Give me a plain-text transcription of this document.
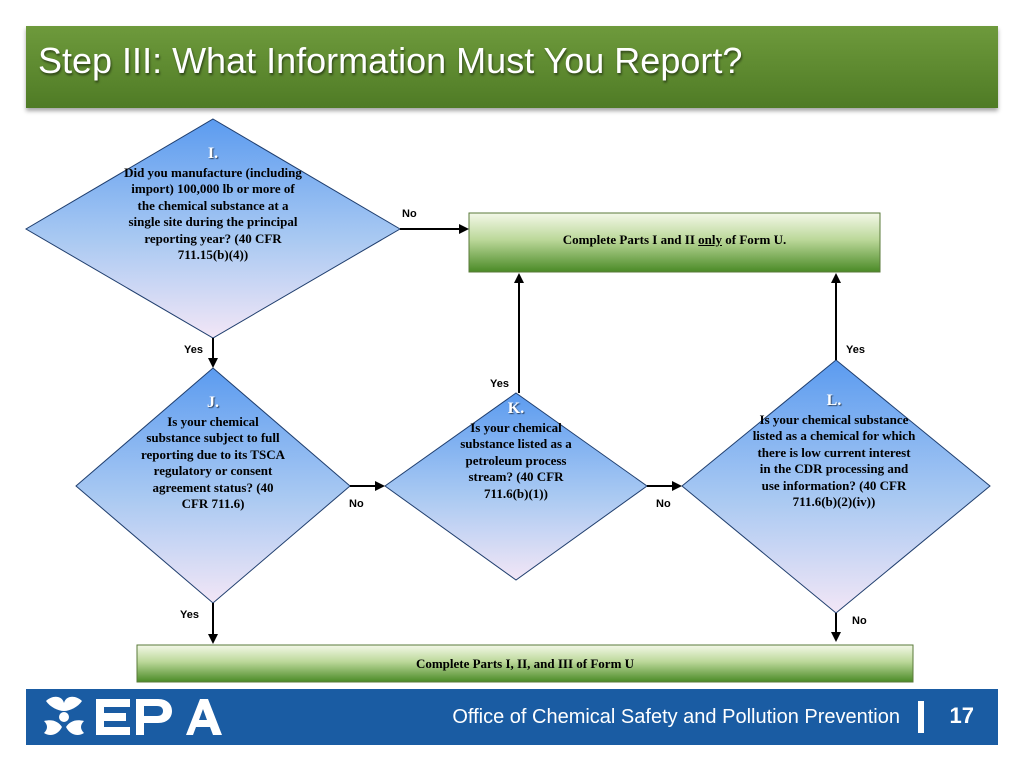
Step III: What Information Must You Report?
I.
Did you manufacture (including import) 100,000 lb or more of the chemical substance at a single site during the principal reporting year? (40 CFR 711.15(b)(4))
J.
Is your chemical substance subject to full reporting due to its TSCA regulatory or consent agreement status? (40 CFR 711.6)
K.
Is your chemical substance listed as a petroleum process stream? (40 CFR 711.6(b)(1))
L.
Is your chemical substance listed as a chemical for which there is low current interest in the CDR processing and use information? (40 CFR 711.6(b)(2)(iv))
Complete Parts I and II only of Form U.
Complete Parts I, II, and III of Form U
No
Yes
No
Yes
Yes
No
Yes
No
Office of Chemical Safety and Pollution Prevention 17
